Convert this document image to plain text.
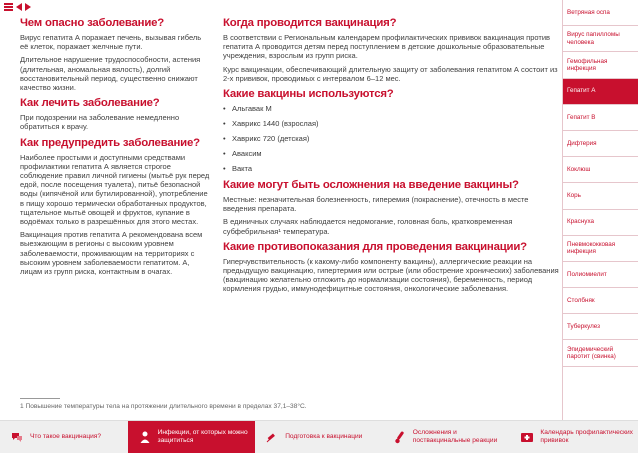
Чем опасно заболевание?

Вирус гепатита А поражает печень, вызывая гибель её клеток, поражает желчные пути.

Длительное нарушение трудоспособности, астения (длительная, аномальная вялость), долгий восстановительный период, существенно снижают качество жизни.

Как лечить заболевание?

При подозрении на заболевание немедленно обратиться к врачу.

Как предупредить заболевание?

Наиболее простыми и доступными средствами профилактики гепатита А является строгое соблюдение правил личной гигиены (мытьё рук перед едой, после посещения туалета), питьё безопасной воды (кипячёной или бутилированной), употребление в пищу хорошо термически обработанных продуктов, тщательное мытьё овощей и фруктов, купание в водоёмах только в разрешённых для этого местах.

Вакцинация против гепатита А рекомендована всем выезжающим в регионы с высоким уровнем заболеваемости, проживающим на территориях с высоким уровнем заболеваемости гепатитом. А, лицам из групп риска, контактным в очагах.

Когда проводится вакцинация?

В соответствии с Региональным календарем профилактических прививок вакцинация против гепатита А проводится детям перед поступлением в детские дошкольные образовательные учреждения, взрослым из групп риска.

Курс вакцинации, обеспечивающий длительную защиту от заболевания гепатитом А состоит из 2-х прививок, проводимых с интервалом 6–12 мес.

Какие вакцины используются?
• Альгавак М
• Хаврикс 1440 (взрослая)
• Хаврикс 720 (детская)
• Аваксим
• Вакта
Какие могут быть осложнения на введение вакцины?

Местные: незначительная болезненность, гиперемия (покраснение), отечность в месте введения препарата.

В единичных случаях наблюдается недомогание, головная боль, кратковременная субфебрильная¹ температура.

Какие противопоказания для проведения вакцинации?

Гиперчувствительность (к какому-либо компоненту вакцины), аллергические реакции на предыдущую вакцинацию, гипертермия или острые (или обострение хронических) заболевания (вакцинацию желательно отложить до нормализации состояния), беременность, период кормления грудью, иммунодефицитные состояния, онкологические заболевания.

1 Повышение температуры тела на протяжении длительного времени в пределах 37,1–38°С.
Ветряная оспа
Вирус папилломы человека
Гемофильная инфекция
Гепатит А
Гепатит В
Дифтерия
Коклюш
Корь
Краснуха
Пневмококковая инфекция
Полиомиелит
Столбняк
Туберкулез
Эпидемический паротит (свинка)
Что такое вакцинация?
Инфекции, от которых можно защититься
Подготовка к вакцинации
Осложнения и поствакцинальные реакции
Календарь профилактических прививок
